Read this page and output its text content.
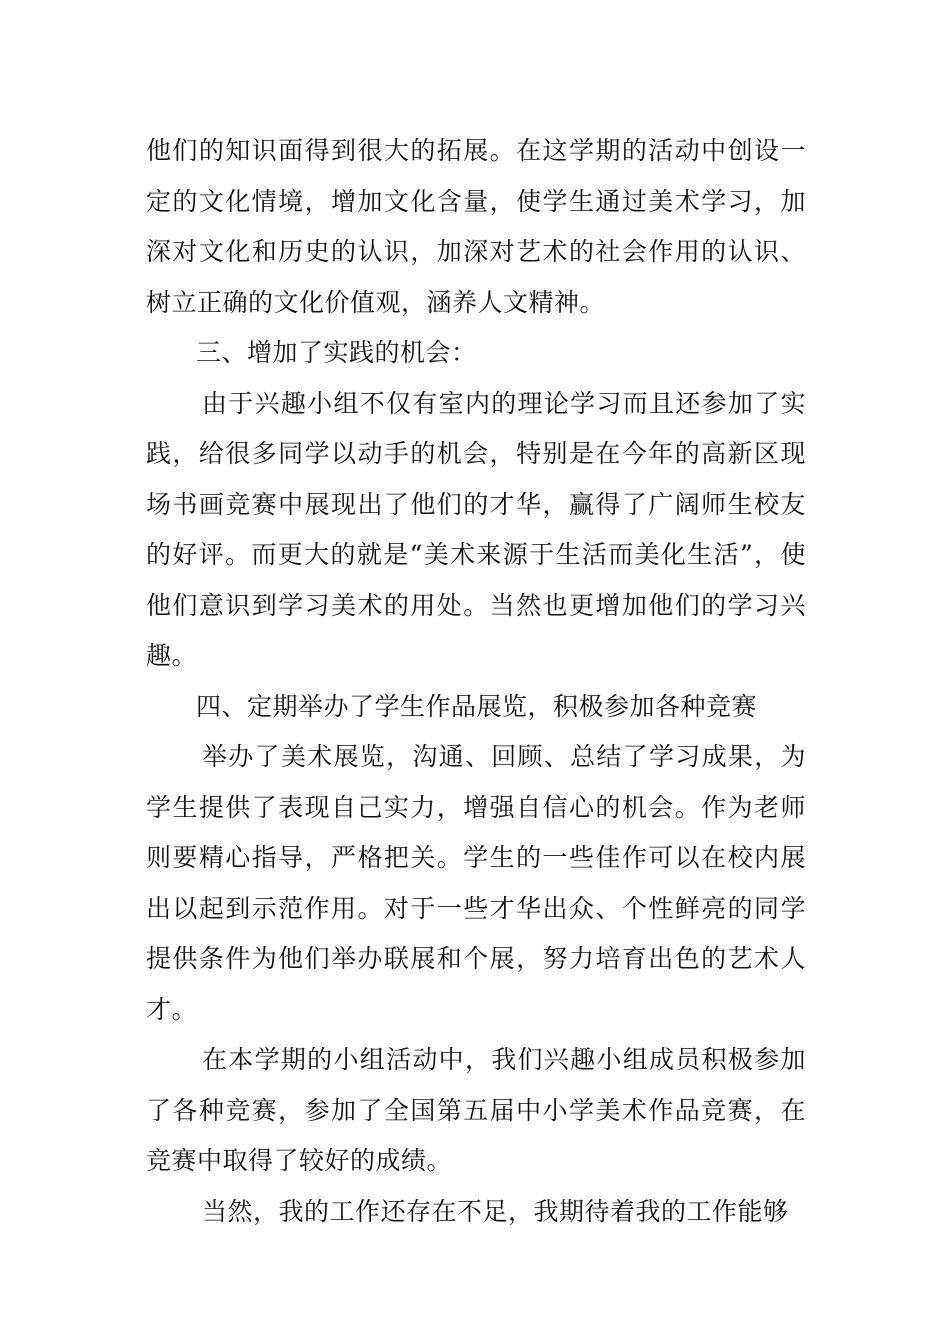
他们的知识面得到很大的拓展。在这学期的活动中创设一定的文化情境，增加文化含量，使学生通过美术学习，加深对文化和历史的认识，加深对艺术的社会作用的认识、树立正确的文化价值观，涵养人文精神。

三、增加了实践的机会：

由于兴趣小组不仅有室内的理论学习而且还参加了实践，给很多同学以动手的机会，特别是在今年的高新区现场书画竞赛中展现出了他们的才华，赢得了广阔师生校友的好评。而更大的就是“美术来源于生活而美化生活”，使他们意识到学习美术的用处。当然也更增加他们的学习兴趣。

四、定期举办了学生作品展览，积极参加各种竞赛

举办了美术展览，沟通、回顾、总结了学习成果，为学生提供了表现自己实力，增强自信心的机会。作为老师则要精心指导，严格把关。学生的一些佳作可以在校内展出以起到示范作用。对于一些才华出众、个性鲜亮的同学提供条件为他们举办联展和个展，努力培育出色的艺术人才。

在本学期的小组活动中，我们兴趣小组成员积极参加了各种竞赛，参加了全国第五届中小学美术作品竞赛，在竞赛中取得了较好的成绩。

当然，我的工作还存在不足，我期待着我的工作能够
